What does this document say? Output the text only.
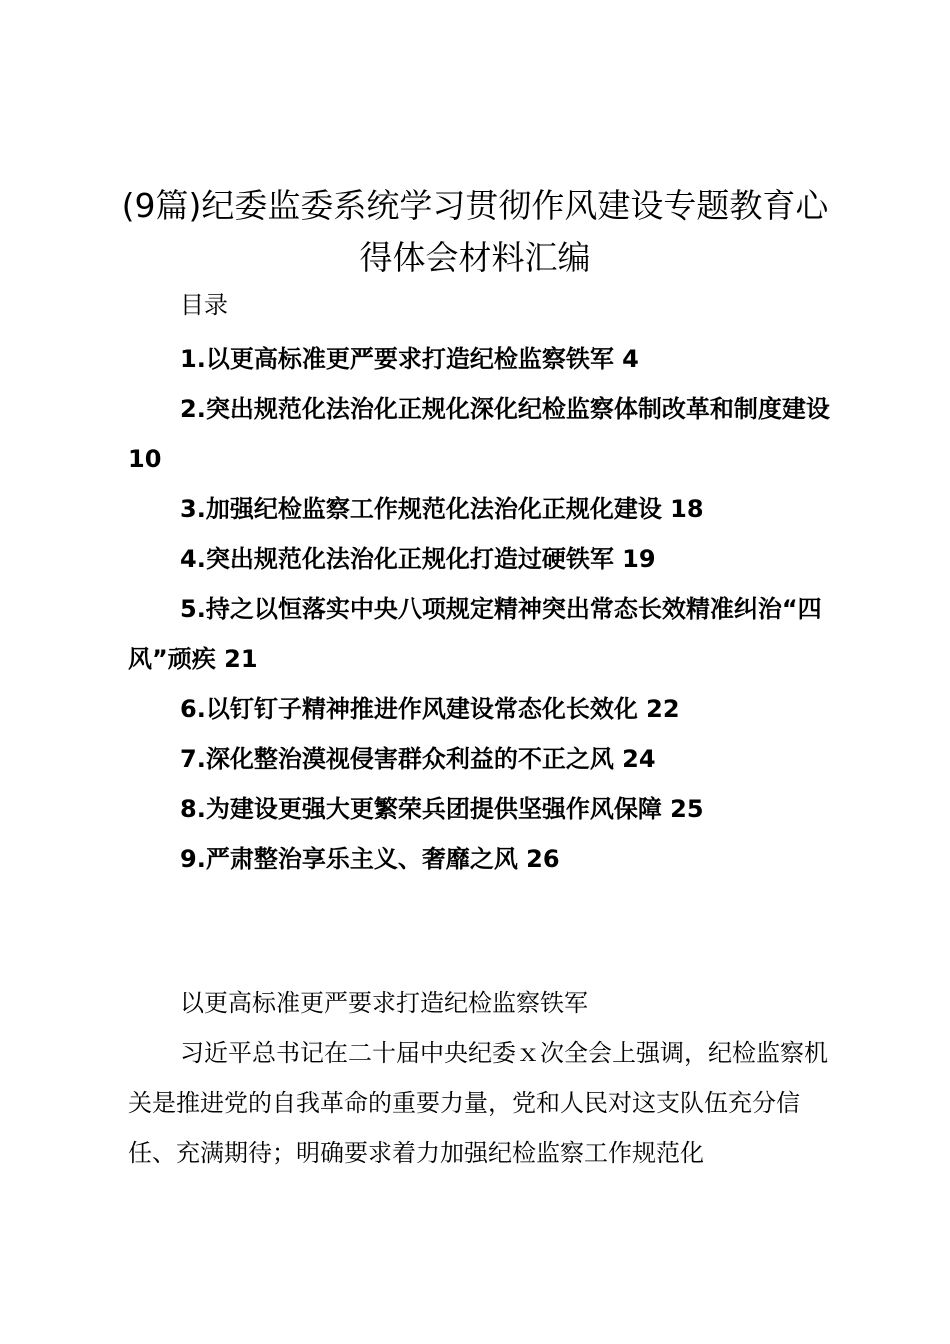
(9篇)纪委监委系统学习贯彻作风建设专题教育心得体会材料汇编
目录
1.以更高标准更严要求打造纪检监察铁军 4
2.突出规范化法治化正规化深化纪检监察体制改革和制度建设 10
3.加强纪检监察工作规范化法治化正规化建设 18
4.突出规范化法治化正规化打造过硬铁军 19
5.持之以恒落实中央八项规定精神突出常态长效精准纠治“四风”顽疾 21
6.以钉钉子精神推进作风建设常态化长效化 22
7.深化整治漠视侵害群众利益的不正之风 24
8.为建设更强大更繁荣兵团提供坚强作风保障 25
9.严肃整治享乐主义、奢靡之风 26

以更高标准更严要求打造纪检监察铁军

习近平总书记在二十届中央纪委ｘ次全会上强调，纪检监察机关是推进党的自我革命的重要力量，党和人民对这支队伍充分信任、充满期待；明确要求着力加强纪检监察工作规范化
